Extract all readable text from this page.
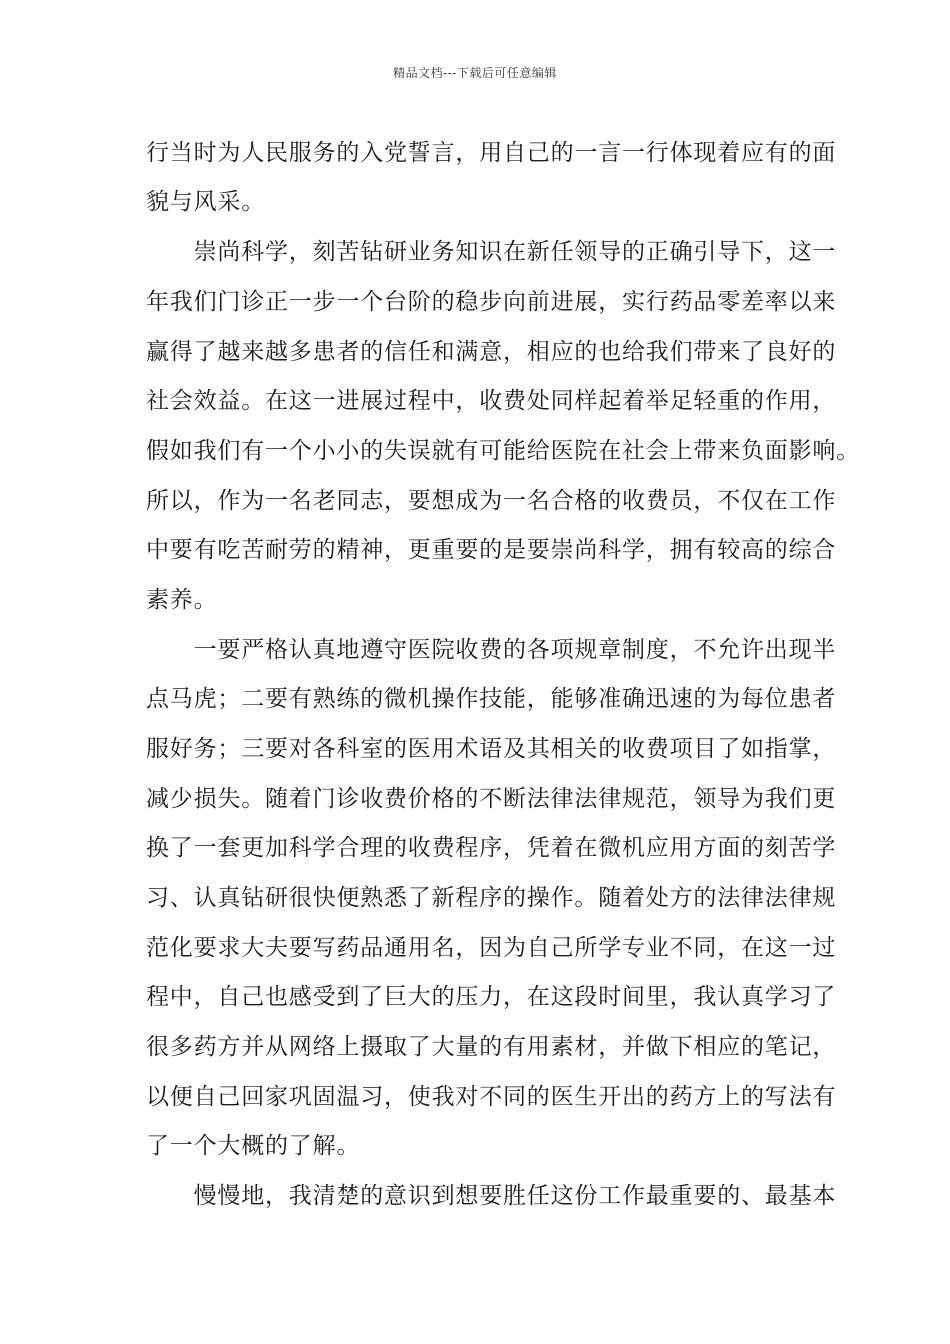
精品文档---下载后可任意编辑
行当时为人民服务的入党誓言，用自己的一言一行体现着应有的面
貌与风采。
　　崇尚科学，刻苦钻研业务知识在新任领导的正确引导下，这一
年我们门诊正一步一个台阶的稳步向前进展，实行药品零差率以来
赢得了越来越多患者的信任和满意，相应的也给我们带来了良好的
社会效益。在这一进展过程中，收费处同样起着举足轻重的作用，
假如我们有一个小小的失误就有可能给医院在社会上带来负面影响。
所以，作为一名老同志，要想成为一名合格的收费员，不仅在工作
中要有吃苦耐劳的精神，更重要的是要崇尚科学，拥有较高的综合
素养。
　　一要严格认真地遵守医院收费的各项规章制度，不允许出现半
点马虎；二要有熟练的微机操作技能，能够准确迅速的为每位患者
服好务；三要对各科室的医用术语及其相关的收费项目了如指掌，
减少损失。随着门诊收费价格的不断法律法律规范，领导为我们更
换了一套更加科学合理的收费程序，凭着在微机应用方面的刻苦学
习、认真钻研很快便熟悉了新程序的操作。随着处方的法律法律规
范化要求大夫要写药品通用名，因为自己所学专业不同，在这一过
程中，自己也感受到了巨大的压力，在这段时间里，我认真学习了
很多药方并从网络上摄取了大量的有用素材，并做下相应的笔记，
以便自己回家巩固温习，使我对不同的医生开出的药方上的写法有
了一个大概的了解。
　　慢慢地，我清楚的意识到想要胜任这份工作最重要的、最基本
